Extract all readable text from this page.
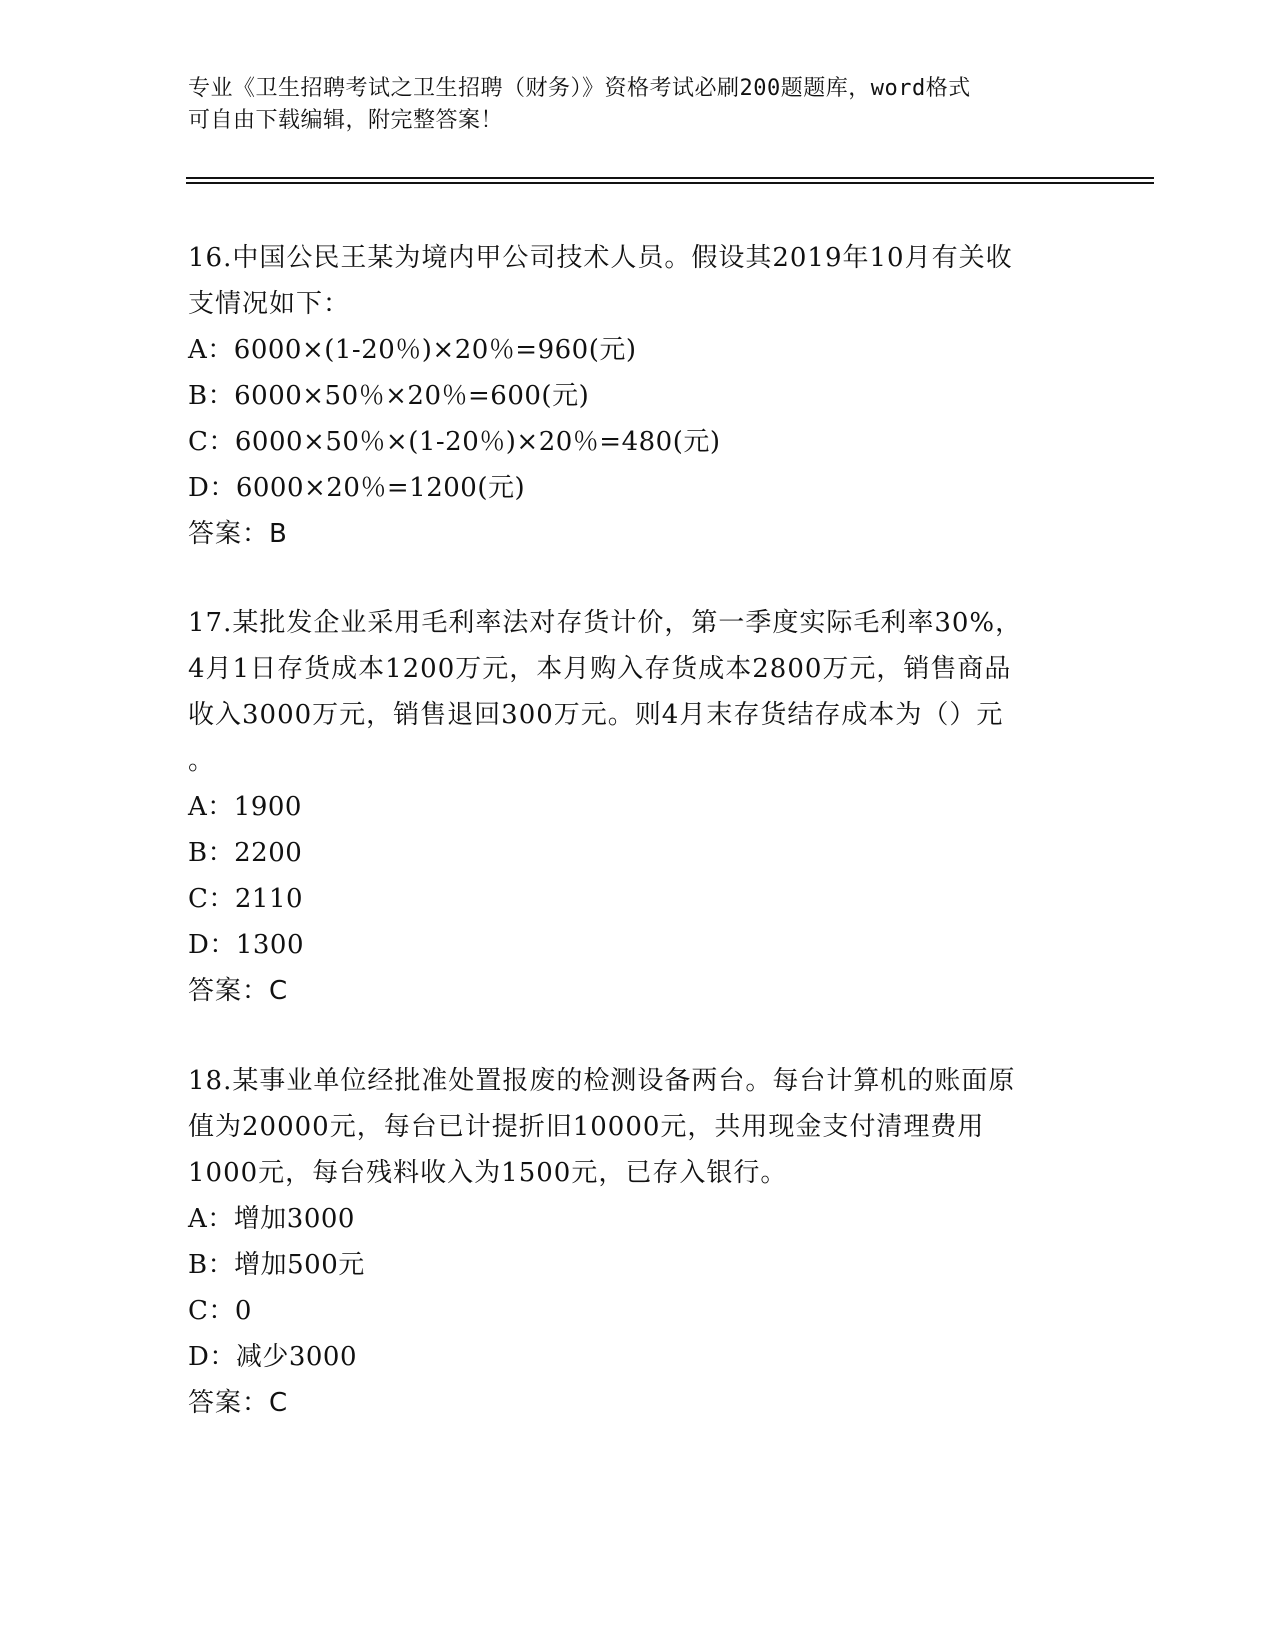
专业《卫生招聘考试之卫生招聘（财务）》资格考试必刷200题题库，word格式
可自由下载编辑，附完整答案！
16.中国公民王某为境内甲公司技术人员。假设其2019年10月有关收
支情况如下：
A：6000×(1-20％)×20％=960(元)
B：6000×50％×20％=600(元)
C：6000×50％×(1-20％)×20％=480(元)
D：6000×20％=1200(元)
答案：B
17.某批发企业采用毛利率法对存货计价，第一季度实际毛利率30%，
4月1日存货成本1200万元，本月购入存货成本2800万元，销售商品
收入3000万元，销售退回300万元。则4月末存货结存成本为（）元
。
A：1900
B：2200
C：2110
D：1300
答案：C
18.某事业单位经批准处置报废的检测设备两台。每台计算机的账面原
值为20000元，每台已计提折旧10000元，共用现金支付清理费用
1000元，每台残料收入为1500元，已存入银行。
A：增加3000
B：增加500元
C：0
D：减少3000
答案：C
